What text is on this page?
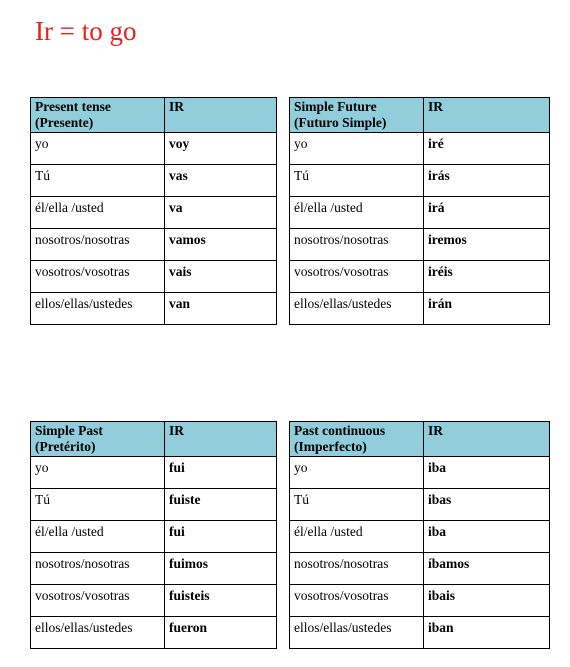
Ir = to go
Present tense
(Presente)	IR
yo	voy
Tú	vas
él/ella /usted	va
nosotros/nosotras	vamos
vosotros/vosotras	vais
ellos/ellas/ustedes	van
Simple Future
(Futuro Simple)	IR
yo	iré
Tú	irás
él/ella /usted	irá
nosotros/nosotras	iremos
vosotros/vosotras	iréis
ellos/ellas/ustedes	irán
Simple Past
(Pretérito)	IR
yo	fui
Tú	fuiste
él/ella /usted	fui
nosotros/nosotras	fuimos
vosotros/vosotras	fuisteis
ellos/ellas/ustedes	fueron
Past continuous
(Imperfecto)	IR
yo	iba
Tú	ibas
él/ella /usted	iba
nosotros/nosotras	íbamos
vosotros/vosotras	ibais
ellos/ellas/ustedes	iban
